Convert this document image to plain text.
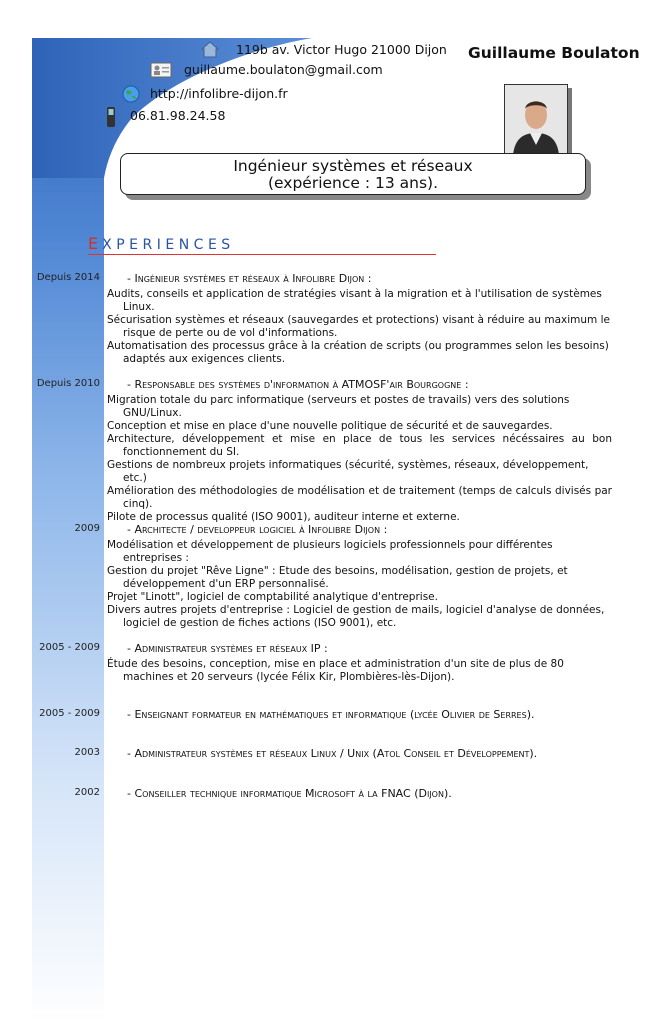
119b av. Victor Hugo 21000 Dijon
guillaume.boulaton@gmail.com
http://infolibre-dijon.fr
06.81.98.24.58
Guillaume Boulaton
Ingénieur systèmes et réseaux
(expérience : 13 ans).
EXPERIENCES
Depuis 2014 - Ingénieur systèmes et réseaux à Infolibre Dijon :
Audits, conseils et application de stratégies visant à la migration et à l'utilisation de systèmes Linux.
Sécurisation systèmes et réseaux (sauvegardes et protections) visant à réduire au maximum le risque de perte ou de vol d'informations.
Automatisation des processus grâce à la création de scripts (ou programmes selon les besoins) adaptés aux exigences clients.
Depuis 2010 - Responsable des systèmes d'information à ATMOSF'air Bourgogne :
Migration totale du parc informatique (serveurs et postes de travails) vers des solutions GNU/Linux.
Conception et mise en place d'une nouvelle politique de sécurité et de sauvegardes.
Architecture, développement et mise en place de tous les services nécéssaires au bon fonctionnement du SI.
Gestions de nombreux projets informatiques (sécurité, systèmes, réseaux, développement, etc.)
Amélioration des méthodologies de modélisation et de traitement (temps de calculs divisés par cinq).
Pilote de processus qualité (ISO 9001), auditeur interne et externe.
2009 - Architecte / developpeur logiciel à Infolibre Dijon :
Modélisation et développement de plusieurs logiciels professionnels pour différentes entreprises :
Gestion du projet "Rêve Ligne" : Etude des besoins, modélisation, gestion de projets, et développement d'un ERP personnalisé.
Projet "Linott", logiciel de comptabilité analytique d'entreprise.
Divers autres projets d'entreprise : Logiciel de gestion de mails, logiciel d'analyse de données, logiciel de gestion de fiches actions (ISO 9001), etc.
2005 - 2009 - Administrateur systèmes et réseaux IP :
Étude des besoins, conception, mise en place et administration d'un site de plus de 80 machines et 20 serveurs (lycée Félix Kir, Plombières-lès-Dijon).
2005 - 2009 - Enseignant formateur en mathématiques et informatique (lycée Olivier de Serres).
2003 - Administrateur systèmes et réseaux Linux / Unix (Atol Conseil et Développement).
2002 - Conseiller technique informatique Microsoft à la FNAC (Dijon).
